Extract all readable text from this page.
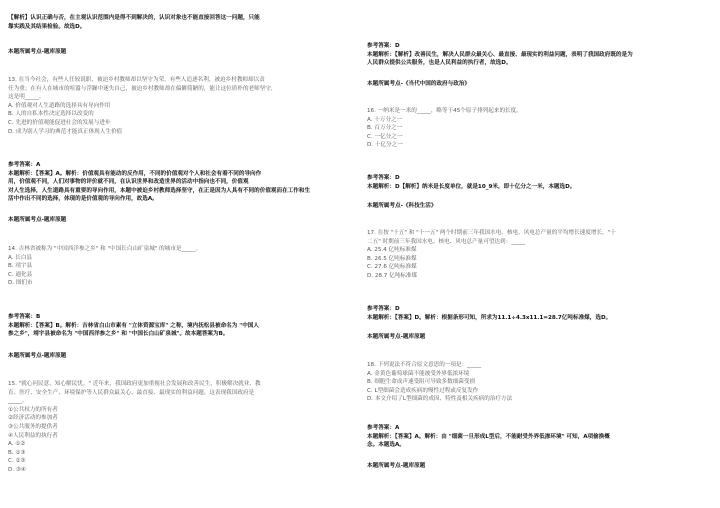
【解析】认识正确与否，在主观认识范围内是得不到解决的，认识对象也不能直接回答这一问题，只能
靠实践及其结果检验。故选D。
本题所属考点-题库原题
13. 在当今社会，有些人任较说职，被迫乡村教师却以坚守为荣，有些人追逐名利，被迫乡村教师却以责
任为重；在有人在城市的喧嚣与浮躁中迷失自己，被迫乡村教师却在偏僻简陋的，能让这位质朴的老师坚守，
这是明_____。
A. 价值观对人生道路的选择具有导向作用
B. 人的自私本性决定选择以改变的
C. 先进的价值观能促进社会的发展与进步
D. 成为别人学习的典范才能真正体现人生价值
参考答案：A
本题解析：【答案】A。解析：价值观具有能动的反作用，不同的价值观对个人和社会有着不同的导向作
用，价值观不同，人们对事物的评价就不同，在认识世界和改造世界的活动中指向也不同，价值观
对人生选择，人生道路具有重要的导向作用，本题中被迫乡村教师选择坚守，在正是因为人具有不同的价值观而在工作和生
活中作出不同的选择，体现的是价值观的导向作用，故选A。
本题所属考点-题库原题
14. 吉林省被称为 "中国西洋参之乡" 和 "中国长白山矿泉城" 的城市是_____。
A. 长白县
B. 靖宇县
C. 通化县
D. 图们市
参考答案：B
本题解析：【答案】B。解析：吉林省白山市素有 "立体资源宝库" 之称，境内抚松县被命名为 "中国人
参之乡"，靖宇县被命名为 "中国西洋参之乡" 和 "中国长白山矿泉城"。故本题答案为B。
本题所属考点-题库原题
15. "就心问民意，知心解民忧。" 近年来，我国政府更加重视社会发展和改善民生，积极解决就业、教
育、医疗、安全生产、环境保护等人民群众最关心、最直接、最现实的利益问题。这表现我国政府是
_____。
①公共权力的所有者
②经济活动的参加者
③公共服务的提供者
④人民利益的执行者
A. ①②
B. ①③
C. ②③
D. ③④
参考答案：D
本题解析：【解析】改善民生，解决人民群众最关心、最直接、最现实的利益问题，表明了我国政府既的是为
人民群众提供公共服务，也是人民利益的执行者，故选D。
本题所属考点-《当代中国的政府与政治》
16. 一纳米是一米的_____，略等于45个原子排列起来的长度。
A. 十万分之一
B. 百万分之一
C. 一亿分之一
D. 十亿分之一
参考答案：D
本题解析：D【解析】纳米是长度单位，就是10_9米，即十亿分之一米，本题选D。
本题所属考点-《科技生活》
17. 在按 "十五" 和 "十一五" 两个时期前三年我国水电、核电、风电总产量的平均增长速度增长，"十
二五" 时期前三年我国水电、核电、风电总产量可望达到：_____
A. 25.4 亿吨标准煤
B. 26.5 亿吨标准煤
C. 27.6 亿吨标准煤
D. 28.7 亿吨标准煤
参考答案：D
本题解析：【答案】D。解析：根据条形可知，所求为11.1÷4.3x11.1=28.7亿吨标准煤，选D。
本题所属考点-题库原题
18. 下列说法不符合原文意思的一项是：_____
A. 金黄色葡萄球菌不能被受外界低浓环境
B. 细胞生命成声速受阻可导致多数细菌受损
C. L型细菌会造成疾病的慢性过程或反复发作
D. 本文介绍了L型细菌的成因、特性及相关疾病的治疗方法
参考答案：A
本题解析：【答案】A。解析：由 "细菌一旦形成L型后，不能耐受外界低渗环境" 可知，A项偷换概
念。本题选A。
本题所属考点-题库原题
